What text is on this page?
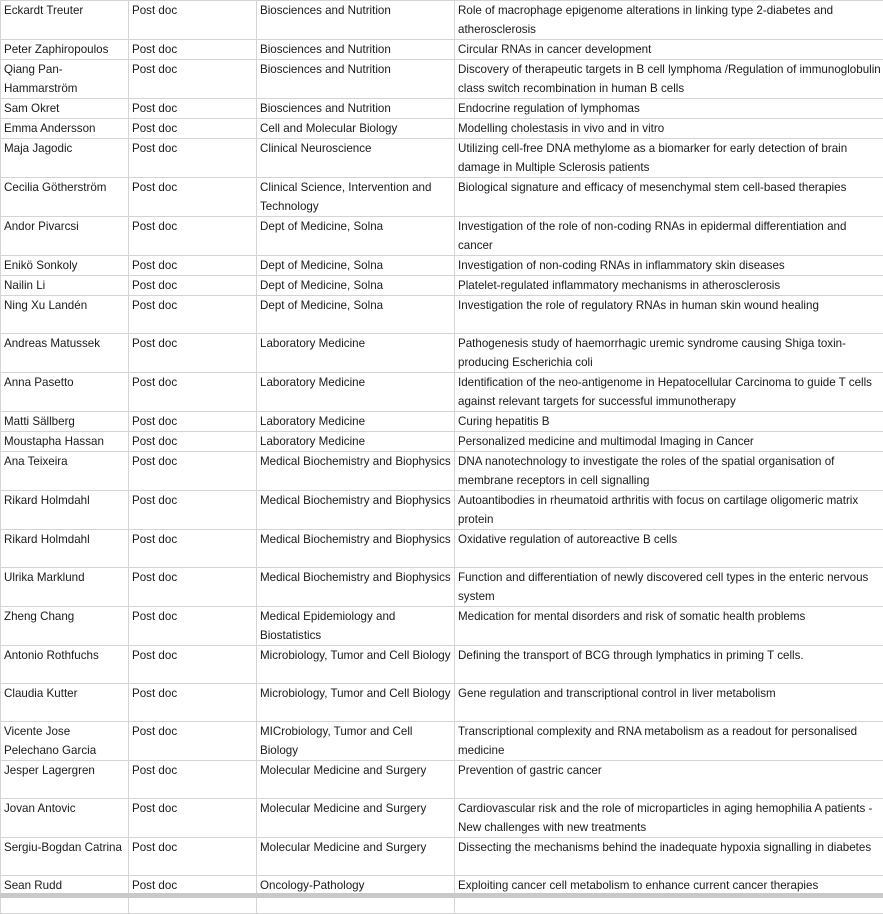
Eckardt Treuter	Post doc	Biosciences and Nutrition	Role of macrophage epigenome alterations in linking type 2-diabetes and atherosclerosis
Peter Zaphiropoulos	Post doc	Biosciences and Nutrition	Circular RNAs in cancer development
Qiang Pan-Hammarström	Post doc	Biosciences and Nutrition	Discovery of therapeutic targets in B cell lymphoma /Regulation of immunoglobulin class switch recombination in human B cells
Sam Okret	Post doc	Biosciences and Nutrition	Endocrine regulation of lymphomas
Emma Andersson	Post doc	Cell and Molecular Biology	Modelling cholestasis in vivo and in vitro
Maja Jagodic	Post doc	Clinical Neuroscience	Utilizing cell-free DNA methylome as a biomarker for early detection of brain damage in Multiple Sclerosis patients
Cecilia Götherström	Post doc	Clinical Science, Intervention and Technology	Biological signature and efficacy of mesenchymal stem cell-based therapies
Andor Pivarcsi	Post doc	Dept of Medicine, Solna	Investigation of the role of non-coding RNAs in epidermal differentiation and cancer
Enikö Sonkoly	Post doc	Dept of Medicine, Solna	Investigation of non-coding RNAs in inflammatory skin diseases
Nailin Li	Post doc	Dept of Medicine, Solna	Platelet-regulated inflammatory mechanisms in atherosclerosis
Ning Xu Landén	Post doc	Dept of Medicine, Solna	Investigation the role of regulatory RNAs in human skin wound healing
Andreas Matussek	Post doc	Laboratory Medicine	Pathogenesis study of haemorrhagic uremic syndrome causing Shiga toxin-producing Escherichia coli
Anna Pasetto	Post doc	Laboratory Medicine	Identification of the neo-antigenome in Hepatocellular Carcinoma to guide T cells against relevant targets for successful immunotherapy
Matti Sällberg	Post doc	Laboratory Medicine	Curing hepatitis B
Moustapha Hassan	Post doc	Laboratory Medicine	Personalized medicine and multimodal Imaging in Cancer
Ana Teixeira	Post doc	Medical Biochemistry and Biophysics	DNA nanotechnology to investigate the roles of the spatial organisation of membrane receptors in cell signalling
Rikard Holmdahl	Post doc	Medical Biochemistry and Biophysics	Autoantibodies in rheumatoid arthritis with focus on cartilage oligomeric matrix protein
Rikard Holmdahl	Post doc	Medical Biochemistry and Biophysics	Oxidative regulation of autoreactive B cells
Ulrika Marklund	Post doc	Medical Biochemistry and Biophysics	Function and differentiation of newly discovered cell types in the enteric nervous system
Zheng Chang	Post doc	Medical Epidemiology and Biostatistics	Medication for mental disorders and risk of somatic health problems
Antonio Rothfuchs	Post doc	Microbiology, Tumor and Cell Biology	Defining the transport of BCG through lymphatics in priming T cells.
Claudia Kutter	Post doc	Microbiology, Tumor and Cell Biology	Gene regulation and transcriptional control in liver metabolism
Vicente Jose Pelechano Garcia	Post doc	MICrobiology, Tumor and Cell Biology	Transcriptional complexity and RNA metabolism as a readout for personalised medicine
Jesper Lagergren	Post doc	Molecular Medicine and Surgery	Prevention of gastric cancer
Jovan Antovic	Post doc	Molecular Medicine and Surgery	Cardiovascular risk and the role of microparticles in aging hemophilia A patients - New challenges with new treatments
Sergiu-Bogdan Catrina	Post doc	Molecular Medicine and Surgery	Dissecting the mechanisms behind the inadequate hypoxia signalling in diabetes
Sean Rudd	Post doc	Oncology-Pathology	Exploiting cancer cell metabolism to enhance current cancer therapies
